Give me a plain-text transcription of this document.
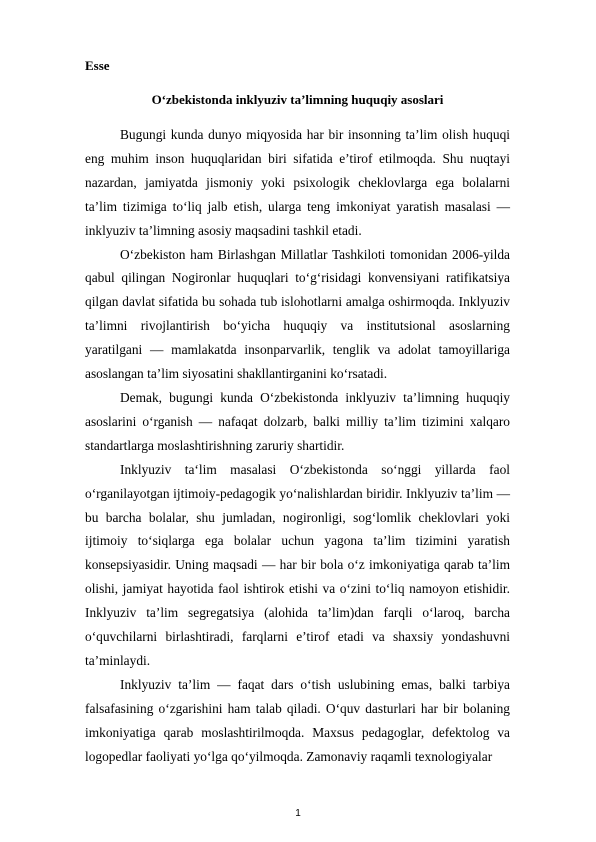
Esse

O‘zbekistonda inklyuziv ta’limning huquqiy asoslari

Bugungi kunda dunyo miqyosida har bir insonning ta’lim olish huquqi eng muhim inson huquqlaridan biri sifatida e’tirof etilmoqda. Shu nuqtayi nazardan, jamiyatda jismoniy yoki psixologik cheklovlarga ega bolalarni ta’lim tizimiga to‘liq jalb etish, ularga teng imkoniyat yaratish masalasi — inklyuziv ta’limning asosiy maqsadini tashkil etadi.

O‘zbekiston ham Birlashgan Millatlar Tashkiloti tomonidan 2006-yilda qabul qilingan Nogironlar huquqlari to‘g‘risidagi konvensiyani ratifikatsiya qilgan davlat sifatida bu sohada tub islohotlarni amalga oshirmoqda. Inklyuziv ta’limni rivojlantirish bo‘yicha huquqiy va institutsional asoslarning yaratilgani — mamlakatda insonparvarlik, tenglik va adolat tamoyillariga asoslangan ta’lim siyosatini shakllantirganini ko‘rsatadi.

Demak, bugungi kunda O‘zbekistonda inklyuziv ta’limning huquqiy asoslarini o‘rganish — nafaqat dolzarb, balki milliy ta’lim tizimini xalqaro standartlarga moslashtirishning zaruriy shartidir.

Inklyuziv ta‘lim masalasi O‘zbekistonda so‘nggi yillarda faol o‘rganilayotgan ijtimoiy-pedagogik yo‘nalishlardan biridir. Inklyuziv ta’lim — bu barcha bolalar, shu jumladan, nogironligi, sog‘lomlik cheklovlari yoki ijtimoiy to‘siqlarga ega bolalar uchun yagona ta’lim tizimini yaratish konsepsiyasidir. Uning maqsadi — har bir bola o‘z imkoniyatiga qarab ta’lim olishi, jamiyat hayotida faol ishtirok etishi va o‘zini to‘liq namoyon etishidir. Inklyuziv ta’lim segregatsiya (alohida ta’lim)dan farqli o‘laroq, barcha o‘quvchilarni birlashtiradi, farqlarni e’tirof etadi va shaxsiy yondashuvni ta’minlaydi.

Inklyuziv ta’lim — faqat dars o‘tish uslubining emas, balki tarbiya falsafasining o‘zgarishini ham talab qiladi. O‘quv dasturlari har bir bolaning imkoniyatiga qarab moslashtirilmoqda. Maxsus pedagoglar, defektolog va logopedlar faoliyati yo‘lga qo‘yilmoqda. Zamonaviy raqamli texnologiyalar

1
